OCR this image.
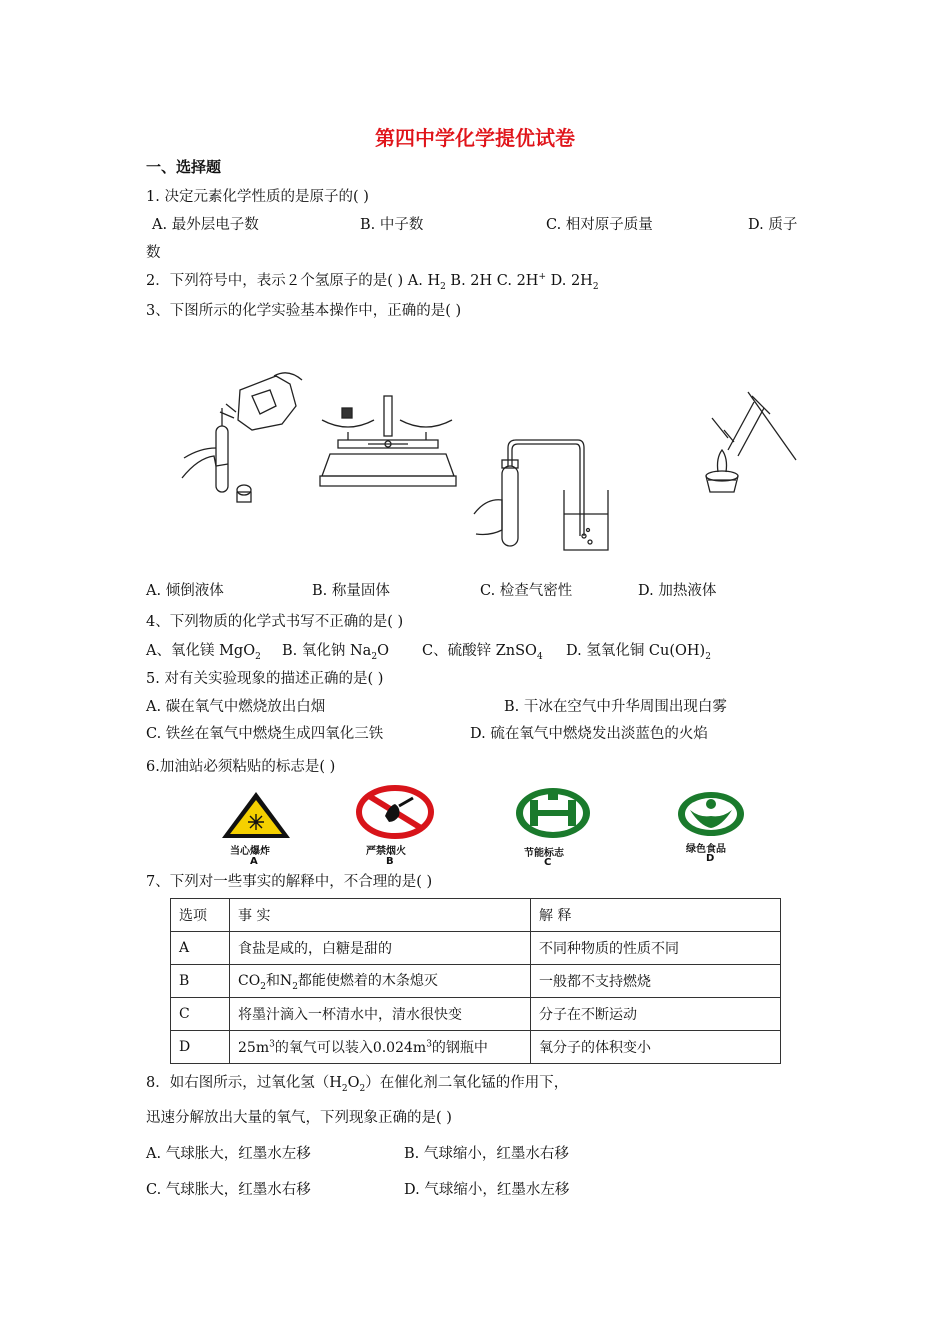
第四中学化学提优试卷
一、选择题
1. 决定元素化学性质的是原子的( )
A. 最外层电子数	B. 中子数	C. 相对原子质量	D. 质子
数
2．下列符号中，表示２个氢原子的是( ) A. $H_2$ B. 2H C. 2H+ D. $2H_2$
3、下图所示的化学实验基本操作中，正确的是( )
A. 倾倒液体	B. 称量固体	C. 检查气密性	D. 加热液体
4、下列物质的化学式书写不正确的是( )
A、氧化镁 MgO$_2$ B. 氧化钠 $Na_2O$ C、硫酸锌 ZnSO$_4$ D. 氢氧化铜 $Cu(OH)_2$
5. 对有关实验现象的描述正确的是( )
A. 碳在氧气中燃烧放出白烟	B. 干冰在空气中升华周围出现白雾
C. 铁丝在氧气中燃烧生成四氧化三铁	D. 硫在氧气中燃烧发出淡蓝色的火焰
6.加油站必须粘贴的标志是( )
当心爆炸
A
严禁烟火
B
节能标志
C
绿色食品
D
7、下列对一些事实的解释中，不合理的是( )
选项	事 实	解 释
A	食盐是咸的，白糖是甜的	不同种物质的性质不同
B	$CO_2$和$N_2$都能使燃着的木条熄灭	一般都不支持燃烧
C	将墨汁滴入一杯清水中，清水很快变	分子在不断运动
D	$25m^3$的氧气可以装入$0.024m^3$的钢瓶中	氧分子的体积变小
8．如右图所示，过氧化氢$(H_2O_2)$在催化剂二氧化锰的作用下，
迅速分解放出大量的氧气，下列现象正确的是( )
A. 气球胀大，红墨水左移	B. 气球缩小，红墨水右移
C. 气球胀大，红墨水右移	D. 气球缩小，红墨水左移
